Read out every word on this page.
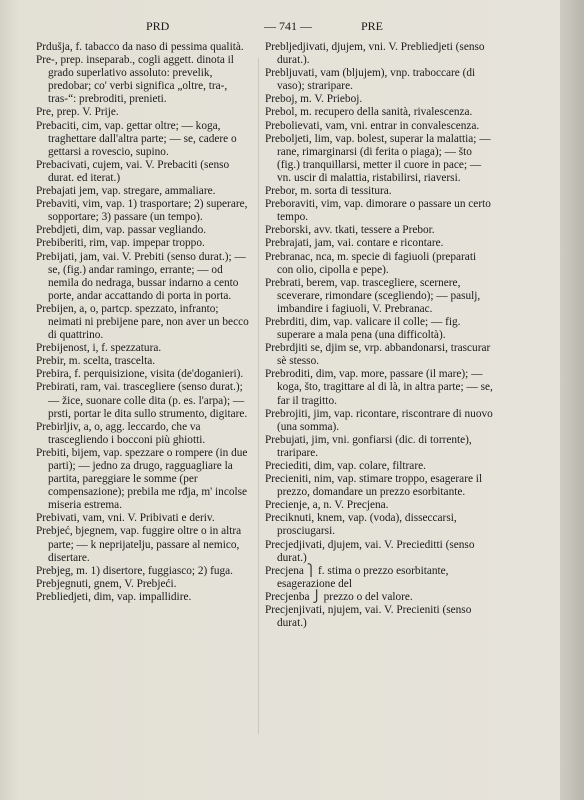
PRD	— 741 —	PRE

Prdušja, f. tabacco da naso di pessima qualità.

Pre-, prep. inseparab., cogli aggett. dinota il grado superlativo assoluto: prevelik, predobar; co' verbi significa „oltre, tra-, tras-“: prebroditi, prenieti.

Pre, prep. V. Prije.

Prebaciti, cim, vap. gettar oltre; — koga, traghettare dall'altra parte; — se, cadere o gettarsi a rovescio, supino.

Prebacivati, cujem, vai. V. Prebaciti (senso durat. ed iterat.)

Prebajati jem, vap. stregare, ammaliare.

Prebaviti, vim, vap. 1) trasportare; 2) superare, sopportare; 3) passare (un tempo).

Prebdjeti, dim, vap. passar vegliando.

Prebiberiti, rim, vap. impepar troppo.

Prebijati, jam, vai. V. Prebiti (senso durat.); — se, (fig.) andar ramingo, errante; — od nemila do nedraga, bussar indarno a cento porte, andar accattando di porta in porta.

Prebijen, a, o, partcp. spezzato, infranto; neimati ni prebijene pare, non aver un becco di quattrino.

Prebijenost, i, f. spezzatura.

Prebir, m. scelta, trascelta.

Prebira, f. perquisizione, visita (de'doganieri).

Prebirati, ram, vai. trascegliere (senso durat.); — žice, suonare colle dita (p. es. l'arpa); — prsti, portar le dita sullo strumento, digitare.

Prebirljiv, a, o, agg. leccardo, che va trascegliendo i bocconi più ghiotti.

Prebiti, bijem, vap. spezzare o rompere (in due parti); — jedno za drugo, ragguagliare la partita, pareggiare le somme (per compensazione); prebila me rđja, m' incolse miseria estrema.

Prebivati, vam, vni. V. Pribivati e deriv.

Prebjeć, bjegnem, vap. fuggire oltre o in altra parte; — k neprijatelju, passare al nemico, disertare.

Prebjeg, m. 1) disertore, fuggiasco; 2) fuga.

Prebjegnuti, gnem, V. Prebjeći.

Prebliedjeti, dim, vap. impallidire.

Prebljedjivati, djujem, vni. V. Prebliedjeti (senso durat.).

Prebljuvati, vam (bljujem), vnp. traboccare (di vaso); straripare.

Preboj, m. V. Prieboj.

Prebol, m. recupero della sanità, rivalescenza.

Prebolievati, vam, vni. entrar in convalescenza.

Preboljeti, lim, vap. bolest, superar la malattia; — rane, rimarginarsi (di ferita o piaga); — što (fig.) tranquillarsi, metter il cuore in pace; — vn. uscir di malattia, ristabilirsi, riaversi.

Prebor, m. sorta di tessitura.

Preboraviti, vim, vap. dimorare o passare un certo tempo.

Preborski, avv. tkati, tessere a Prebor.

Prebrajati, jam, vai. contare e ricontare.

Prebranac, nca, m. specie di fagiuoli (preparati con olio, cipolla e pepe).

Prebrati, berem, vap. trascegliere, scernere, sceverare, rimondare (scegliendo); — pasulj, imbandire i fagiuoli, V. Prebranac.

Prebrditi, dim, vap. valicare il colle; — fig. superare a mala pena (una difficoltà).

Prebrdjiti se, djim se, vrp. abbandonarsi, trascurar sè stesso.

Prebroditi, dim, vap. more, passare (il mare); — koga, što, tragittare al di là, in altra parte; — se, far il tragitto.

Prebrojiti, jim, vap. ricontare, riscontrare di nuovo (una somma).

Prebujati, jim, vni. gonfiarsi (dic. di torrente), traripare.

Preciediti, dim, vap. colare, filtrare.

Precieniti, nim, vap. stimare troppo, esagerare il prezzo, domandare un prezzo esorbitante.

Precienje, a, n. V. Precjena.

Preciknuti, knem, vap. (voda), disseccarsi, prosciugarsi.

Precjedjivati, djujem, vai. V. Precieditti (senso durat.)

Precjena ⎫ f. stima o prezzo esorbitante, esagerazione del

Precjenba ⎭ prezzo o del valore.

Precjenjivati, njujem, vai. V. Precieniti (senso durat.)
